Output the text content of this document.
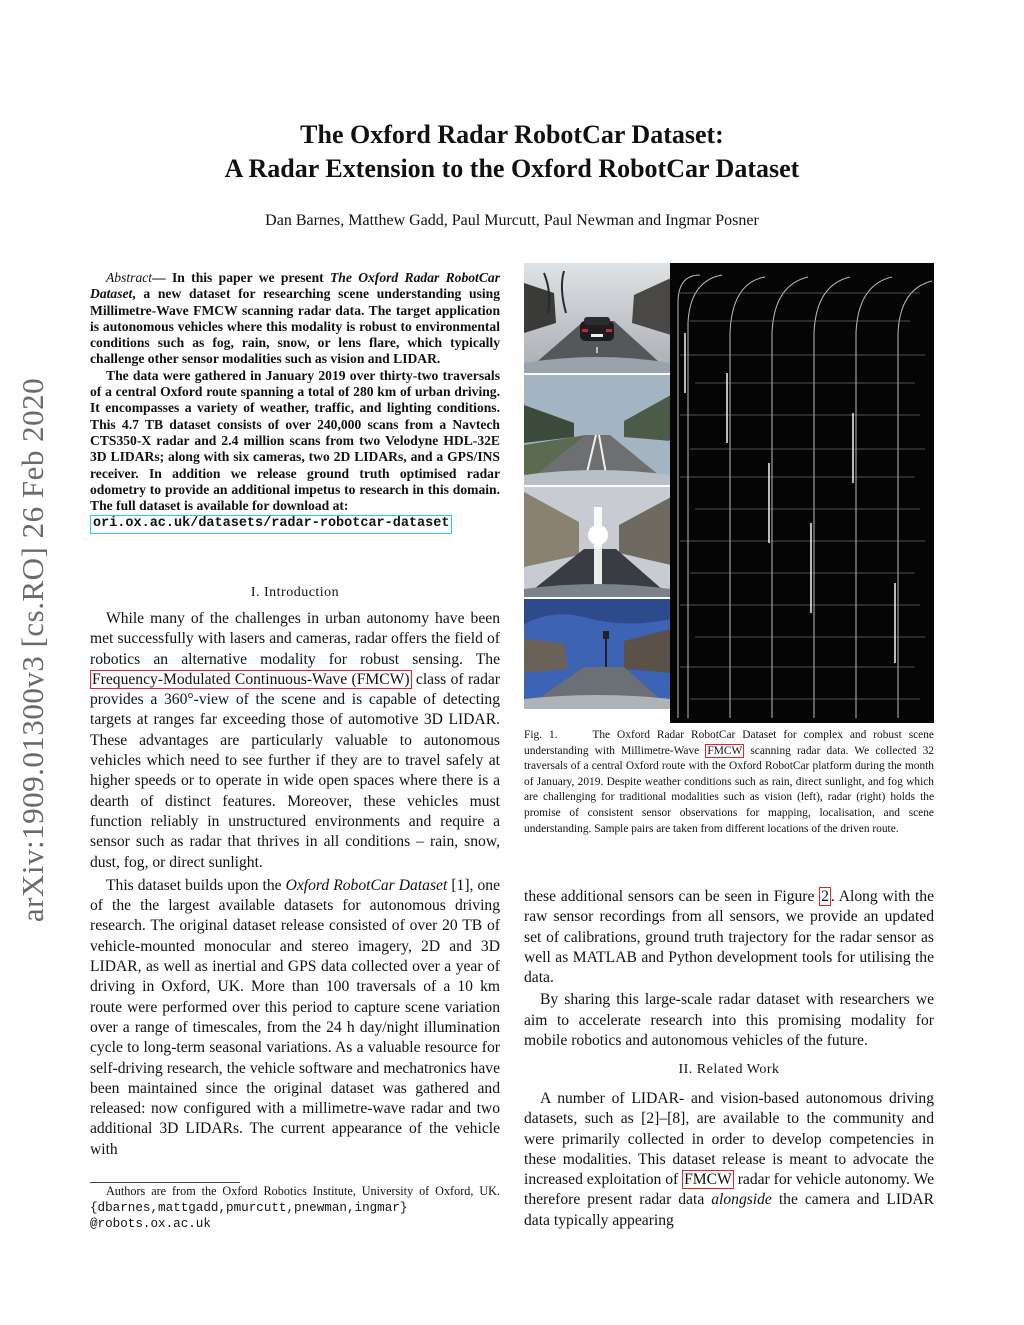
arXiv:1909.01300v3 [cs.RO] 26 Feb 2020
The Oxford Radar RobotCar Dataset:
A Radar Extension to the Oxford RobotCar Dataset
Dan Barnes, Matthew Gadd, Paul Murcutt, Paul Newman and Ingmar Posner

Abstract— In this paper we present The Oxford Radar RobotCar Dataset, a new dataset for researching scene understanding using Millimetre-Wave FMCW scanning radar data. The target application is autonomous vehicles where this modality is robust to environmental conditions such as fog, rain, snow, or lens flare, which typically challenge other sensor modalities such as vision and LIDAR.

The data were gathered in January 2019 over thirty-two traversals of a central Oxford route spanning a total of 280 km of urban driving. It encompasses a variety of weather, traffic, and lighting conditions. This 4.7 TB dataset consists of over 240,000 scans from a Navtech CTS350-X radar and 2.4 million scans from two Velodyne HDL-32E 3D LIDARs; along with six cameras, two 2D LIDARs, and a GPS/INS receiver. In addition we release ground truth optimised radar odometry to provide an additional impetus to research in this domain. The full dataset is available for download at:

ori.ox.ac.uk/datasets/radar-robotcar-dataset
I. Introduction

While many of the challenges in urban autonomy have been met successfully with lasers and cameras, radar offers the field of robotics an alternative modality for robust sensing. The Frequency-Modulated Continuous-Wave (FMCW) class of radar provides a 360°-view of the scene and is capable of detecting targets at ranges far exceeding those of automotive 3D LIDAR. These advantages are particularly valuable to autonomous vehicles which need to see further if they are to travel safely at higher speeds or to operate in wide open spaces where there is a dearth of distinct features. Moreover, these vehicles must function reliably in unstructured environments and require a sensor such as radar that thrives in all conditions – rain, snow, dust, fog, or direct sunlight.

This dataset builds upon the Oxford RobotCar Dataset [1], one of the the largest available datasets for autonomous driving research. The original dataset release consisted of over 20 TB of vehicle-mounted monocular and stereo imagery, 2D and 3D LIDAR, as well as inertial and GPS data collected over a year of driving in Oxford, UK. More than 100 traversals of a 10 km route were performed over this period to capture scene variation over a range of timescales, from the 24 h day/night illumination cycle to long-term seasonal variations. As a valuable resource for self-driving research, the vehicle software and mechatronics have been maintained since the original dataset was gathered and released: now configured with a millimetre-wave radar and two additional 3D LIDARs. The current appearance of the vehicle with

Authors are from the Oxford Robotics Institute, University of Oxford, UK. {dbarnes,mattgadd,pmurcutt,pnewman,ingmar}
@robots.ox.ac.uk

Fig. 1.	The Oxford Radar RobotCar Dataset for complex and robust scene understanding with Millimetre-Wave FMCW scanning radar data. We collected 32 traversals of a central Oxford route with the Oxford RobotCar platform during the month of January, 2019. Despite weather conditions such as rain, direct sunlight, and fog which are challenging for traditional modalities such as vision (left), radar (right) holds the promise of consistent sensor observations for mapping, localisation, and scene understanding. Sample pairs are taken from different locations of the driven route.

these additional sensors can be seen in Figure 2 . Along with the raw sensor recordings from all sensors, we provide an updated set of calibrations, ground truth trajectory for the radar sensor as well as MATLAB and Python development tools for utilising the data.

By sharing this large-scale radar dataset with researchers we aim to accelerate research into this promising modality for mobile robotics and autonomous vehicles of the future.

II. Related Work

A number of LIDAR- and vision-based autonomous driving datasets, such as [2]–[8], are available to the community and were primarily collected in order to develop competencies in these modalities. This dataset release is meant to advocate the increased exploitation of FMCW radar for vehicle autonomy. We therefore present radar data alongside the camera and LIDAR data typically appearing
